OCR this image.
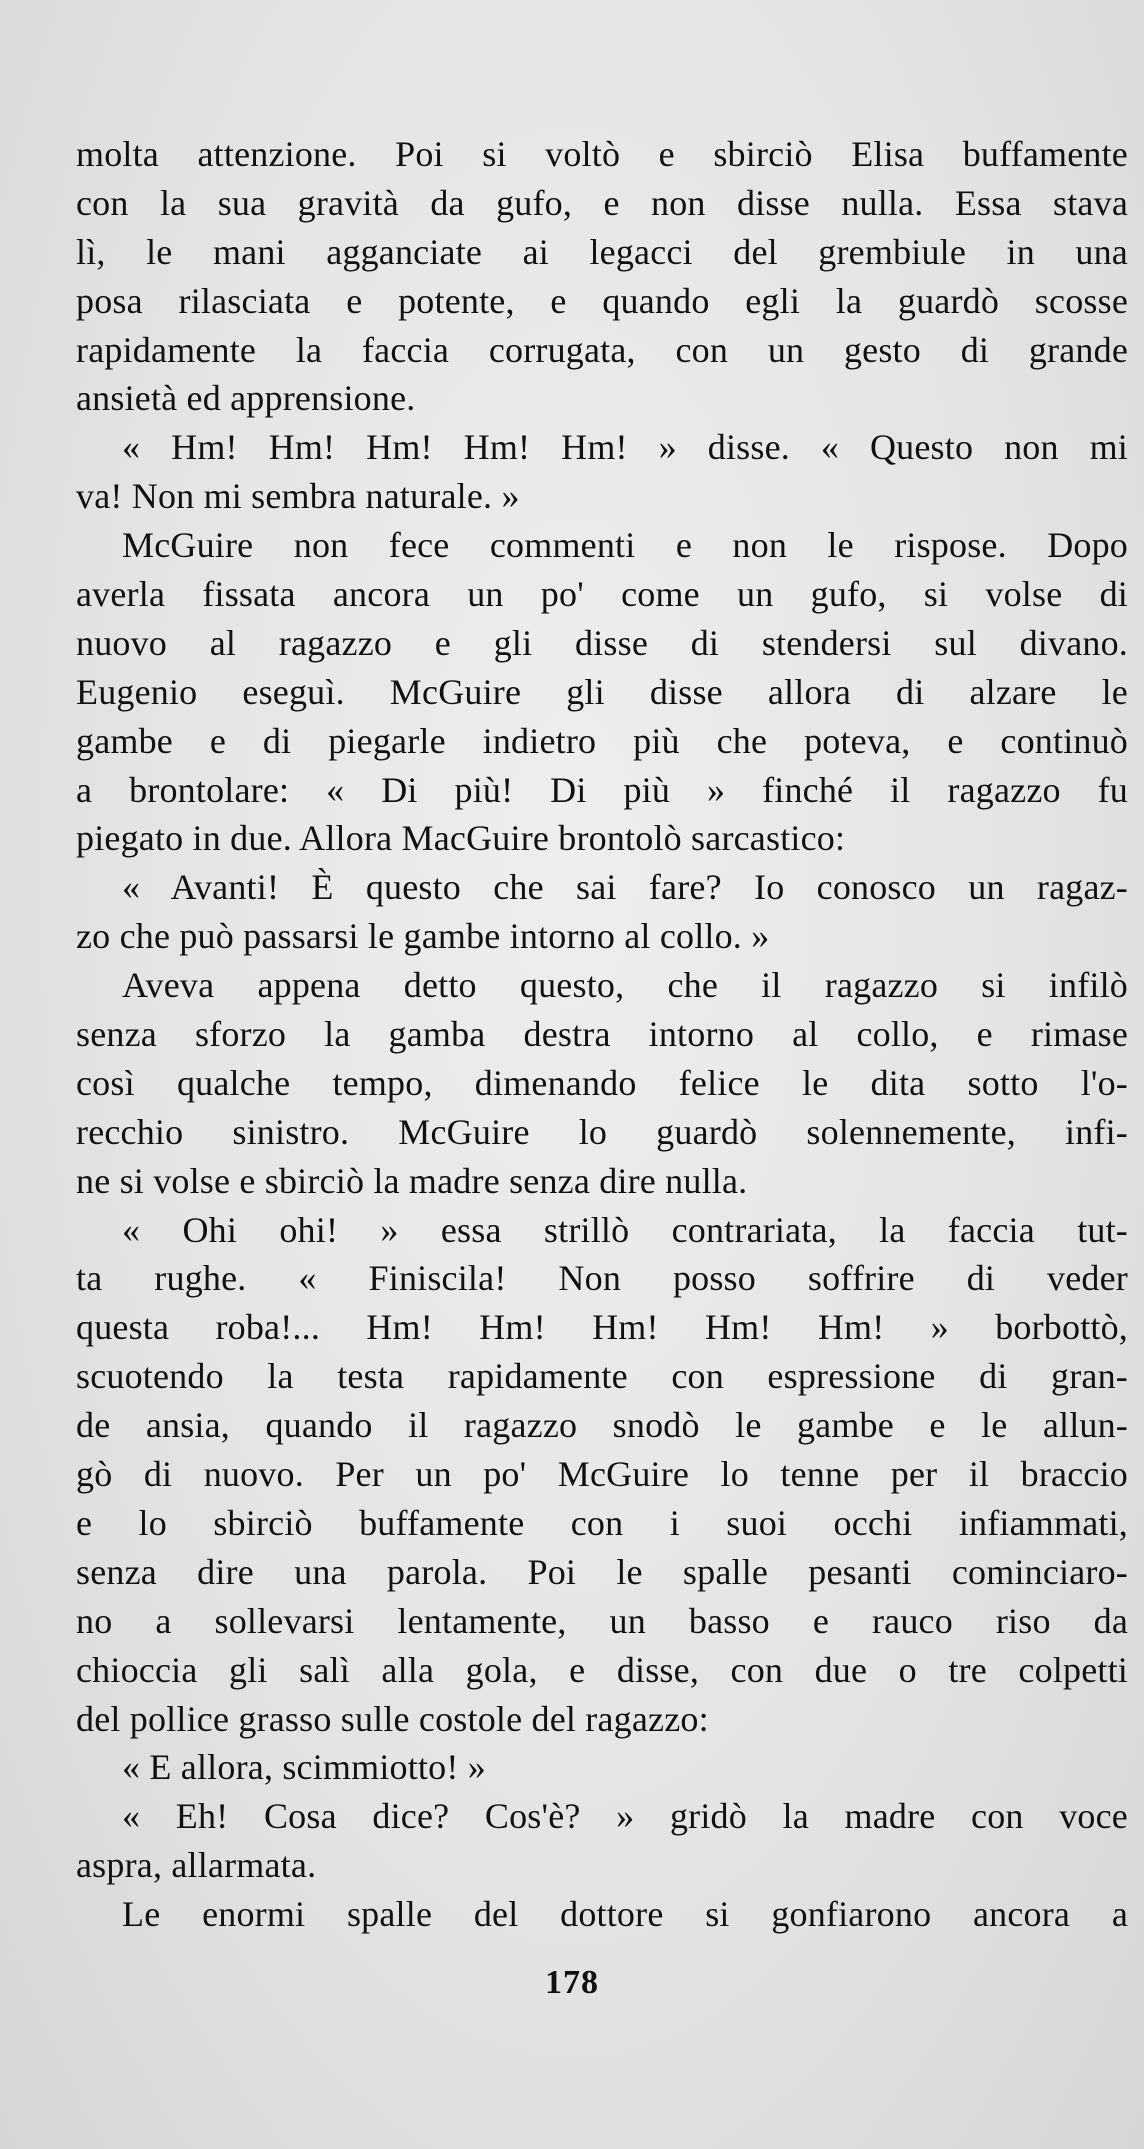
molta attenzione. Poi si voltò e sbirciò Elisa buffamente
con la sua gravità da gufo, e non disse nulla. Essa stava
lì, le mani agganciate ai legacci del grembiule in una
posa rilasciata e potente, e quando egli la guardò scosse
rapidamente la faccia corrugata, con un gesto di grande
ansietà ed apprensione.
« Hm! Hm! Hm! Hm! Hm! » disse. « Questo non mi
va! Non mi sembra naturale. »
McGuire non fece commenti e non le rispose. Dopo
averla fissata ancora un po' come un gufo, si volse di
nuovo al ragazzo e gli disse di stendersi sul divano.
Eugenio eseguì. McGuire gli disse allora di alzare le
gambe e di piegarle indietro più che poteva, e continuò
a brontolare: « Di più! Di più » finché il ragazzo fu
piegato in due. Allora MacGuire brontolò sarcastico:
« Avanti! È questo che sai fare? Io conosco un ragaz-
zo che può passarsi le gambe intorno al collo. »
Aveva appena detto questo, che il ragazzo si infilò
senza sforzo la gamba destra intorno al collo, e rimase
così qualche tempo, dimenando felice le dita sotto l'o-
recchio sinistro. McGuire lo guardò solennemente, infi-
ne si volse e sbirciò la madre senza dire nulla.
« Ohi ohi! » essa strillò contrariata, la faccia tut-
ta rughe. « Finiscila! Non posso soffrire di veder
questa roba!... Hm! Hm! Hm! Hm! Hm! » borbottò,
scuotendo la testa rapidamente con espressione di gran-
de ansia, quando il ragazzo snodò le gambe e le allun-
gò di nuovo. Per un po' McGuire lo tenne per il braccio
e lo sbirciò buffamente con i suoi occhi infiammati,
senza dire una parola. Poi le spalle pesanti cominciaro-
no a sollevarsi lentamente, un basso e rauco riso da
chioccia gli salì alla gola, e disse, con due o tre colpetti
del pollice grasso sulle costole del ragazzo:
« E allora, scimmiotto! »
« Eh! Cosa dice? Cos'è? » gridò la madre con voce
aspra, allarmata.
Le enormi spalle del dottore si gonfiarono ancora a
178
